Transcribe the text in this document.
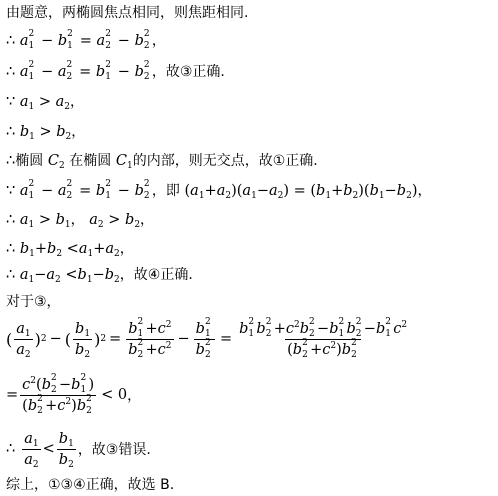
由题意，两椭圆焦点相同，则焦距相同.
∴ a 2
1 − b 2
1 = a 2
2 − b 2
2 ，
∴ a 2
1 − a 2
2 = b 2
1 − b 2
2 ，故③正确.
∵ $a_1 > a_2$，
∴ $b_1 > b_2$，
∴椭圆 $C_2$ 在椭圆 $C_1$的内部，则无交点，故①正确.
∵ a 2
1 − a 2
2 = b 2
1 − b 2
2 ，即 $(a_1+a_2)(a_1-a_2) = (b_1+b_2)(b_1-b_2)$，
∴ $a_1 > b_1$， $a_2 > b_2$，
∴ $b_1+b_2 <a_1+a_2$，
∴ $a_1-a_2 <b_1-b_2$，故④正确.
对于③，
( $\frac{a_1}{a_2}$ ) 2 − ( $\frac{b_1}{b_2}$ ) 2 = b 2
$1 +c^2$
b 2
$2 +c^2 - b$ 2
1
b 2
2 = b 2
1 b 2
$2 +c^2b$ 2
2 −b 2
1 b 2
2 −b 2
1 $c^2$
(b 2
$2 +c^2)b$ 2
2
= $c^2(b$ 2
2 −b 2
1 )
(b 2
$2 +c^2)b$ 2
2 < 0 ，
∴ $\frac{a_1}{a_2} < \frac{b_1}{b_2}$ ，故③错误.
综上，①③④正确，故选 B.
